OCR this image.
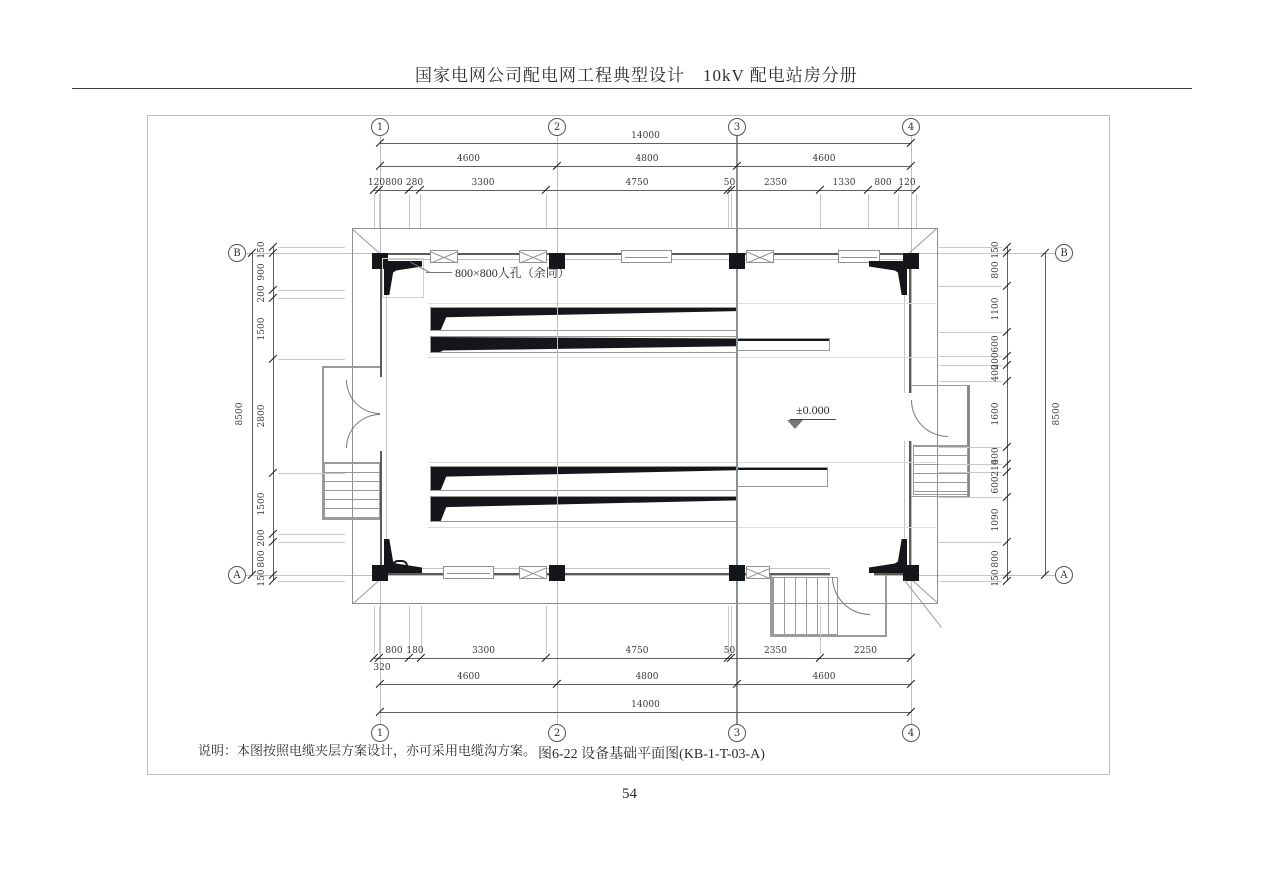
国家电网公司配电网工程典型设计　10kV 配电站房分册
54
800×800人孔（余同）
±0.000
说明：本图按照电缆夹层方案设计，亦可采用电缆沟方案。 图6-22 设备基础平面图(KB-1-T-03-A)
14000
4600	4800	4600
120 800 280	3300	4750	50	2350	1330 800 120
800 180	3300	4750	50	2350	2250
4600	4800	4600
14000
8500
150
900
200
1500
2800
1500
200
800
150
150
800
1100
600
200
400
1600
400
210
600
1090
800
150
8500
1	2	3	4
1	2	3	4
B
A
B
A
320
